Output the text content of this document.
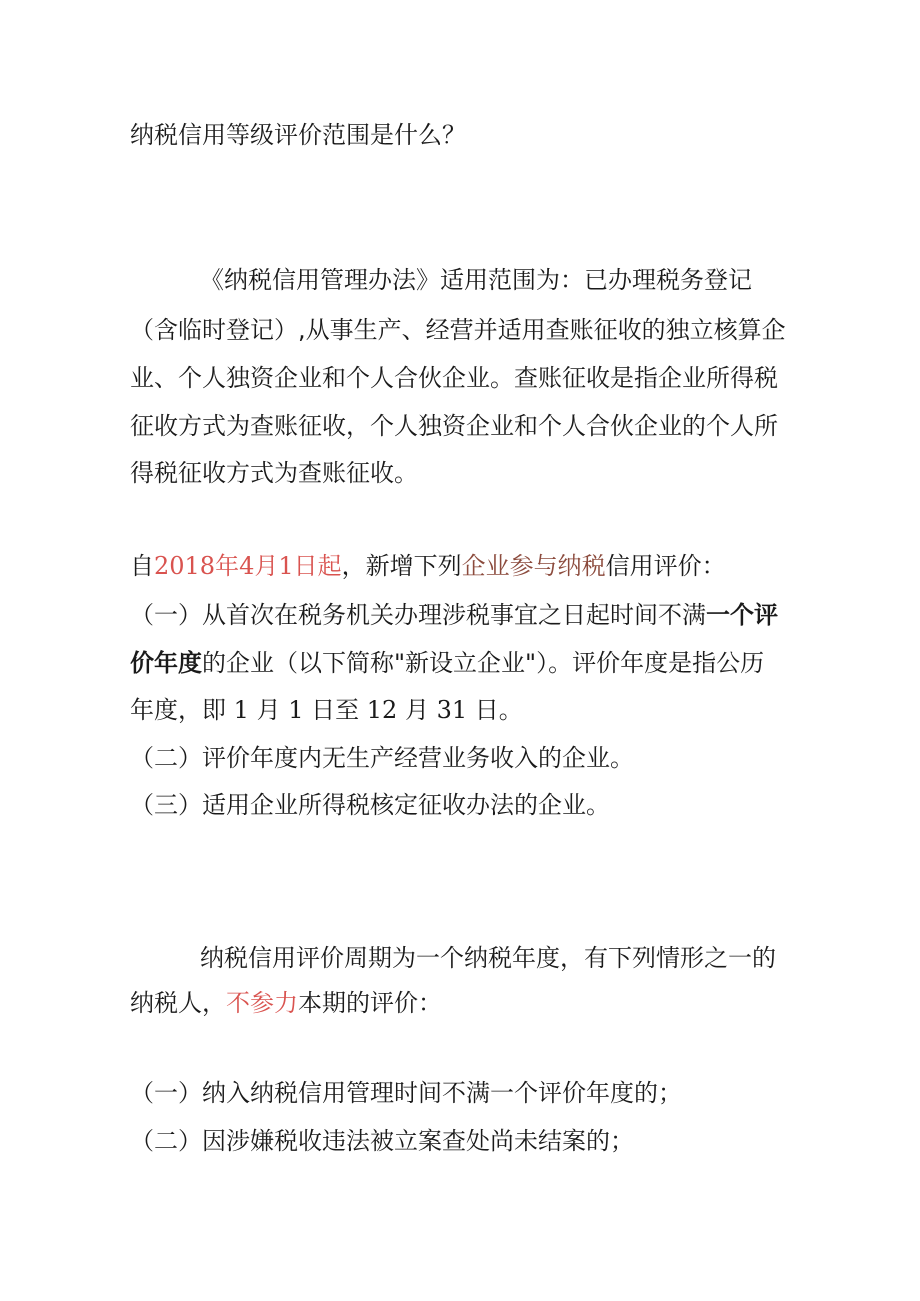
纳税信用等级评价范围是什么？
《纳税信用管理办法》适用范围为：已办理税务登记
（含临时登记）,从事生产、经营并适用查账征收的独立核算企
业、个人独资企业和个人合伙企业。查账征收是指企业所得税
征收方式为查账征收，个人独资企业和个人合伙企业的个人所
得税征收方式为查账征收。
自2018年4月1日起，新增下列企业参与纳税信用评价：
（一）从首次在税务机关办理涉税事宜之日起时间不满一个评
价年度的企业（以下简称"新设立企业"）。评价年度是指公历
年度，即 1 月 1 日至 12 月 31 日。
（二）评价年度内无生产经营业务收入的企业。
（三）适用企业所得税核定征收办法的企业。
纳税信用评价周期为一个纳税年度，有下列情形之一的
纳税人，不参力本期的评价：
（一）纳入纳税信用管理时间不满一个评价年度的；
（二）因涉嫌税收违法被立案查处尚未结案的；
